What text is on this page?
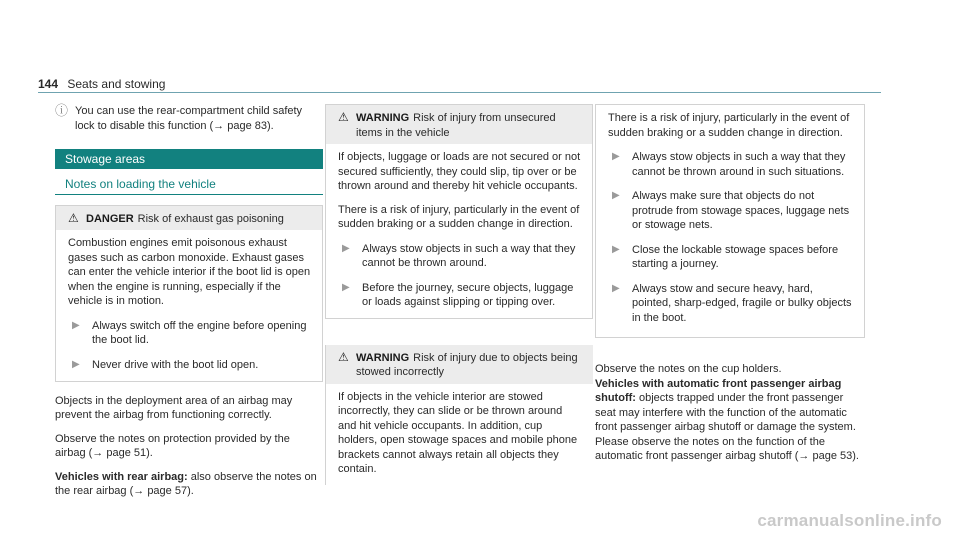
144 Seats and stowing
ⓘ You can use the rear-compartment child safety lock to disable this function (→ page 83).
Stowage areas
Notes on loading the vehicle
⚠ DANGER Risk of exhaust gas poisoning

Combustion engines emit poisonous exhaust gases such as carbon monoxide. Exhaust gases can enter the vehicle interior if the boot lid is open when the engine is running, especially if the vehicle is in motion.

▶	Always switch off the engine before opening the boot lid.
▶	Never drive with the boot lid open.

Objects in the deployment area of an airbag may prevent the airbag from functioning correctly.

Observe the notes on protection provided by the airbag (→ page 51).

Vehicles with rear airbag: also observe the notes on the rear airbag (→ page 57).

⚠ WARNING Risk of injury from unsecured items in the vehicle

If objects, luggage or loads are not secured or not secured sufficiently, they could slip, tip over or be thrown around and thereby hit vehicle occupants.

There is a risk of injury, particularly in the event of sudden braking or a sudden change in direction.

▶	Always stow objects in such a way that they cannot be thrown around.
▶	Before the journey, secure objects, luggage or loads against slipping or tipping over.
⚠ WARNING Risk of injury due to objects being stowed incorrectly

If objects in the vehicle interior are stowed incorrectly, they can slide or be thrown around and hit vehicle occupants. In addition, cup holders, open stowage spaces and mobile phone brackets cannot always retain all objects they contain.

There is a risk of injury, particularly in the event of sudden braking or a sudden change in direction.

▶	Always stow objects in such a way that they cannot be thrown around in such situations.
▶	Always make sure that objects do not protrude from stowage spaces, luggage nets or stowage nets.
▶	Close the lockable stowage spaces before starting a journey.
▶	Always stow and secure heavy, hard, pointed, sharp-edged, fragile or bulky objects in the boot.

Observe the notes on the cup holders.

Vehicles with automatic front passenger airbag shutoff: objects trapped under the front passenger seat may interfere with the function of the automatic front passenger airbag shutoff or damage the system. Please observe the notes on the function of the automatic front passenger airbag shutoff (→ page 53).

carmanualsonline.info
